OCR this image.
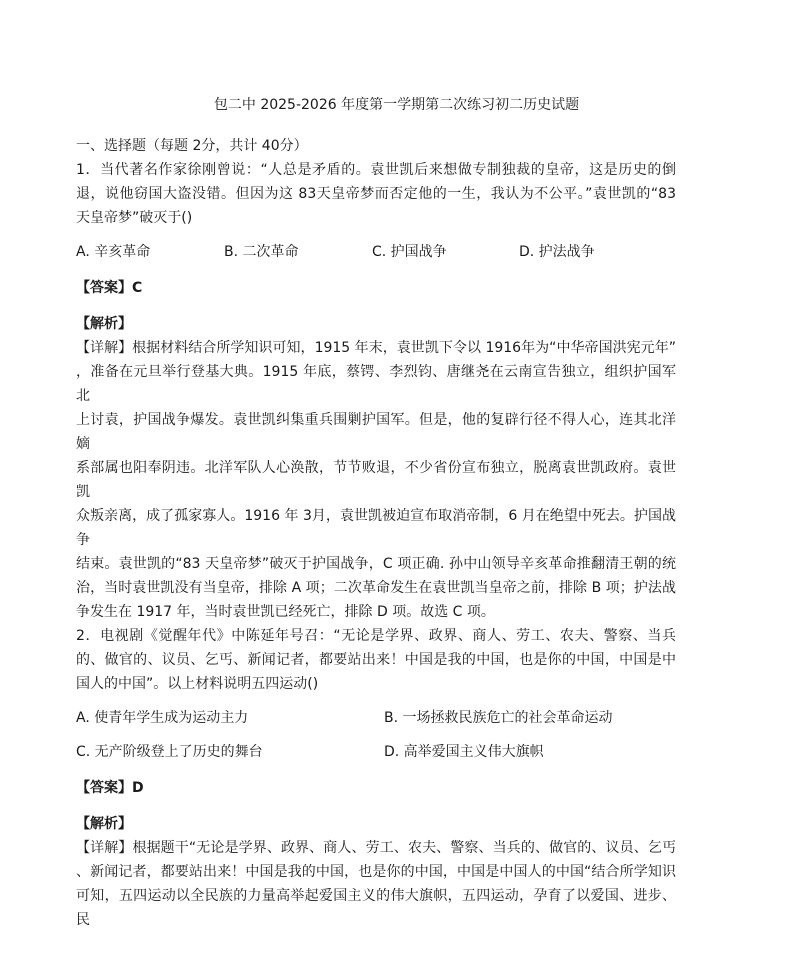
包二中 2025-2026 年度第一学期第二次练习初二历史试题
一、选择题（每题 2分，共计 40分）
1．当代著名作家徐刚曾说：“人总是矛盾的。袁世凯后来想做专制独裁的皇帝，这是历史的倒
退，说他窃国大盗没错。但因为这 83天皇帝梦而否定他的一生，我认为不公平。”袁世凯的“83
天皇帝梦”破灭于()
A. 辛亥革命	B. 二次革命	C. 护国战争	D. 护法战争
【答案】C
【解析】
【详解】根据材料结合所学知识可知，1915 年末，袁世凯下令以 1916年为“中华帝国洪宪元年”
，准备在元旦举行登基大典。1915 年底，蔡锷、李烈钧、唐继尧在云南宣告独立，组织护国军北
上讨袁，护国战争爆发。袁世凯纠集重兵围剿护国军。但是，他的复辟行径不得人心，连其北洋嫡
系部属也阳奉阴违。北洋军队人心涣散，节节败退，不少省份宣布独立，脱离袁世凯政府。袁世凯
众叛亲离，成了孤家寡人。1916 年 3月，袁世凯被迫宣布取消帝制，6 月在绝望中死去。护国战争
结束。袁世凯的“83 天皇帝梦”破灭于护国战争，C 项正确. 孙中山领导辛亥革命推翻清王朝的统
治，当时袁世凯没有当皇帝，排除 A 项；二次革命发生在袁世凯当皇帝之前，排除 B 项；护法战
争发生在 1917 年，当时袁世凯已经死亡，排除 D 项。故选 C 项。
2．电视剧《觉醒年代》中陈延年号召：“无论是学界、政界、商人、劳工、农夫、警察、当兵
的、做官的、议员、乞丐、新闻记者，都要站出来！中国是我的中国，也是你的中国，中国是中
国人的中国”。以上材料说明五四运动()
A. 使青年学生成为运动主力	B. 一场拯救民族危亡的社会革命运动
C. 无产阶级登上了历史的舞台	D. 高举爱国主义伟大旗帜
【答案】D
【解析】
【详解】根据题干“无论是学界、政界、商人、劳工、农夫、警察、当兵的、做官的、议员、乞丐
、新闻记者，都要站出来！中国是我的中国，也是你的中国，中国是中国人的中国“结合所学知识
可知，五四运动以全民族的力量高举起爱国主义的伟大旗帜，五四运动，孕育了以爱国、进步、民
